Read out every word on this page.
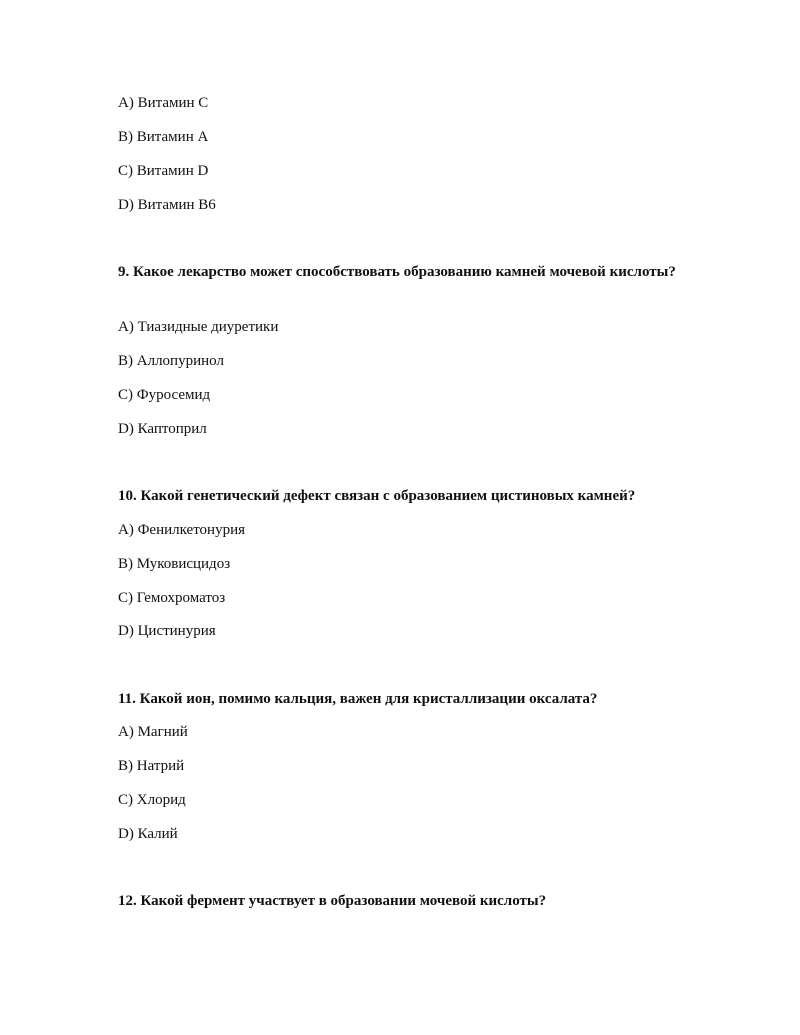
A) Витамин C

B) Витамин A

C) Витамин D

D) Витамин B6

9. Какое лекарство может способствовать образованию камней мочевой кислоты?

A) Тиазидные диуретики

B) Аллопуринол

C) Фуросемид

D) Каптоприл

10. Какой генетический дефект связан с образованием цистиновых камней?

A) Фенилкетонурия

B) Муковисцидоз

C) Гемохроматоз

D) Цистинурия

11. Какой ион, помимо кальция, важен для кристаллизации оксалата?

A) Магний

B) Натрий

C) Хлорид

D) Калий

12. Какой фермент участвует в образовании мочевой кислоты?
